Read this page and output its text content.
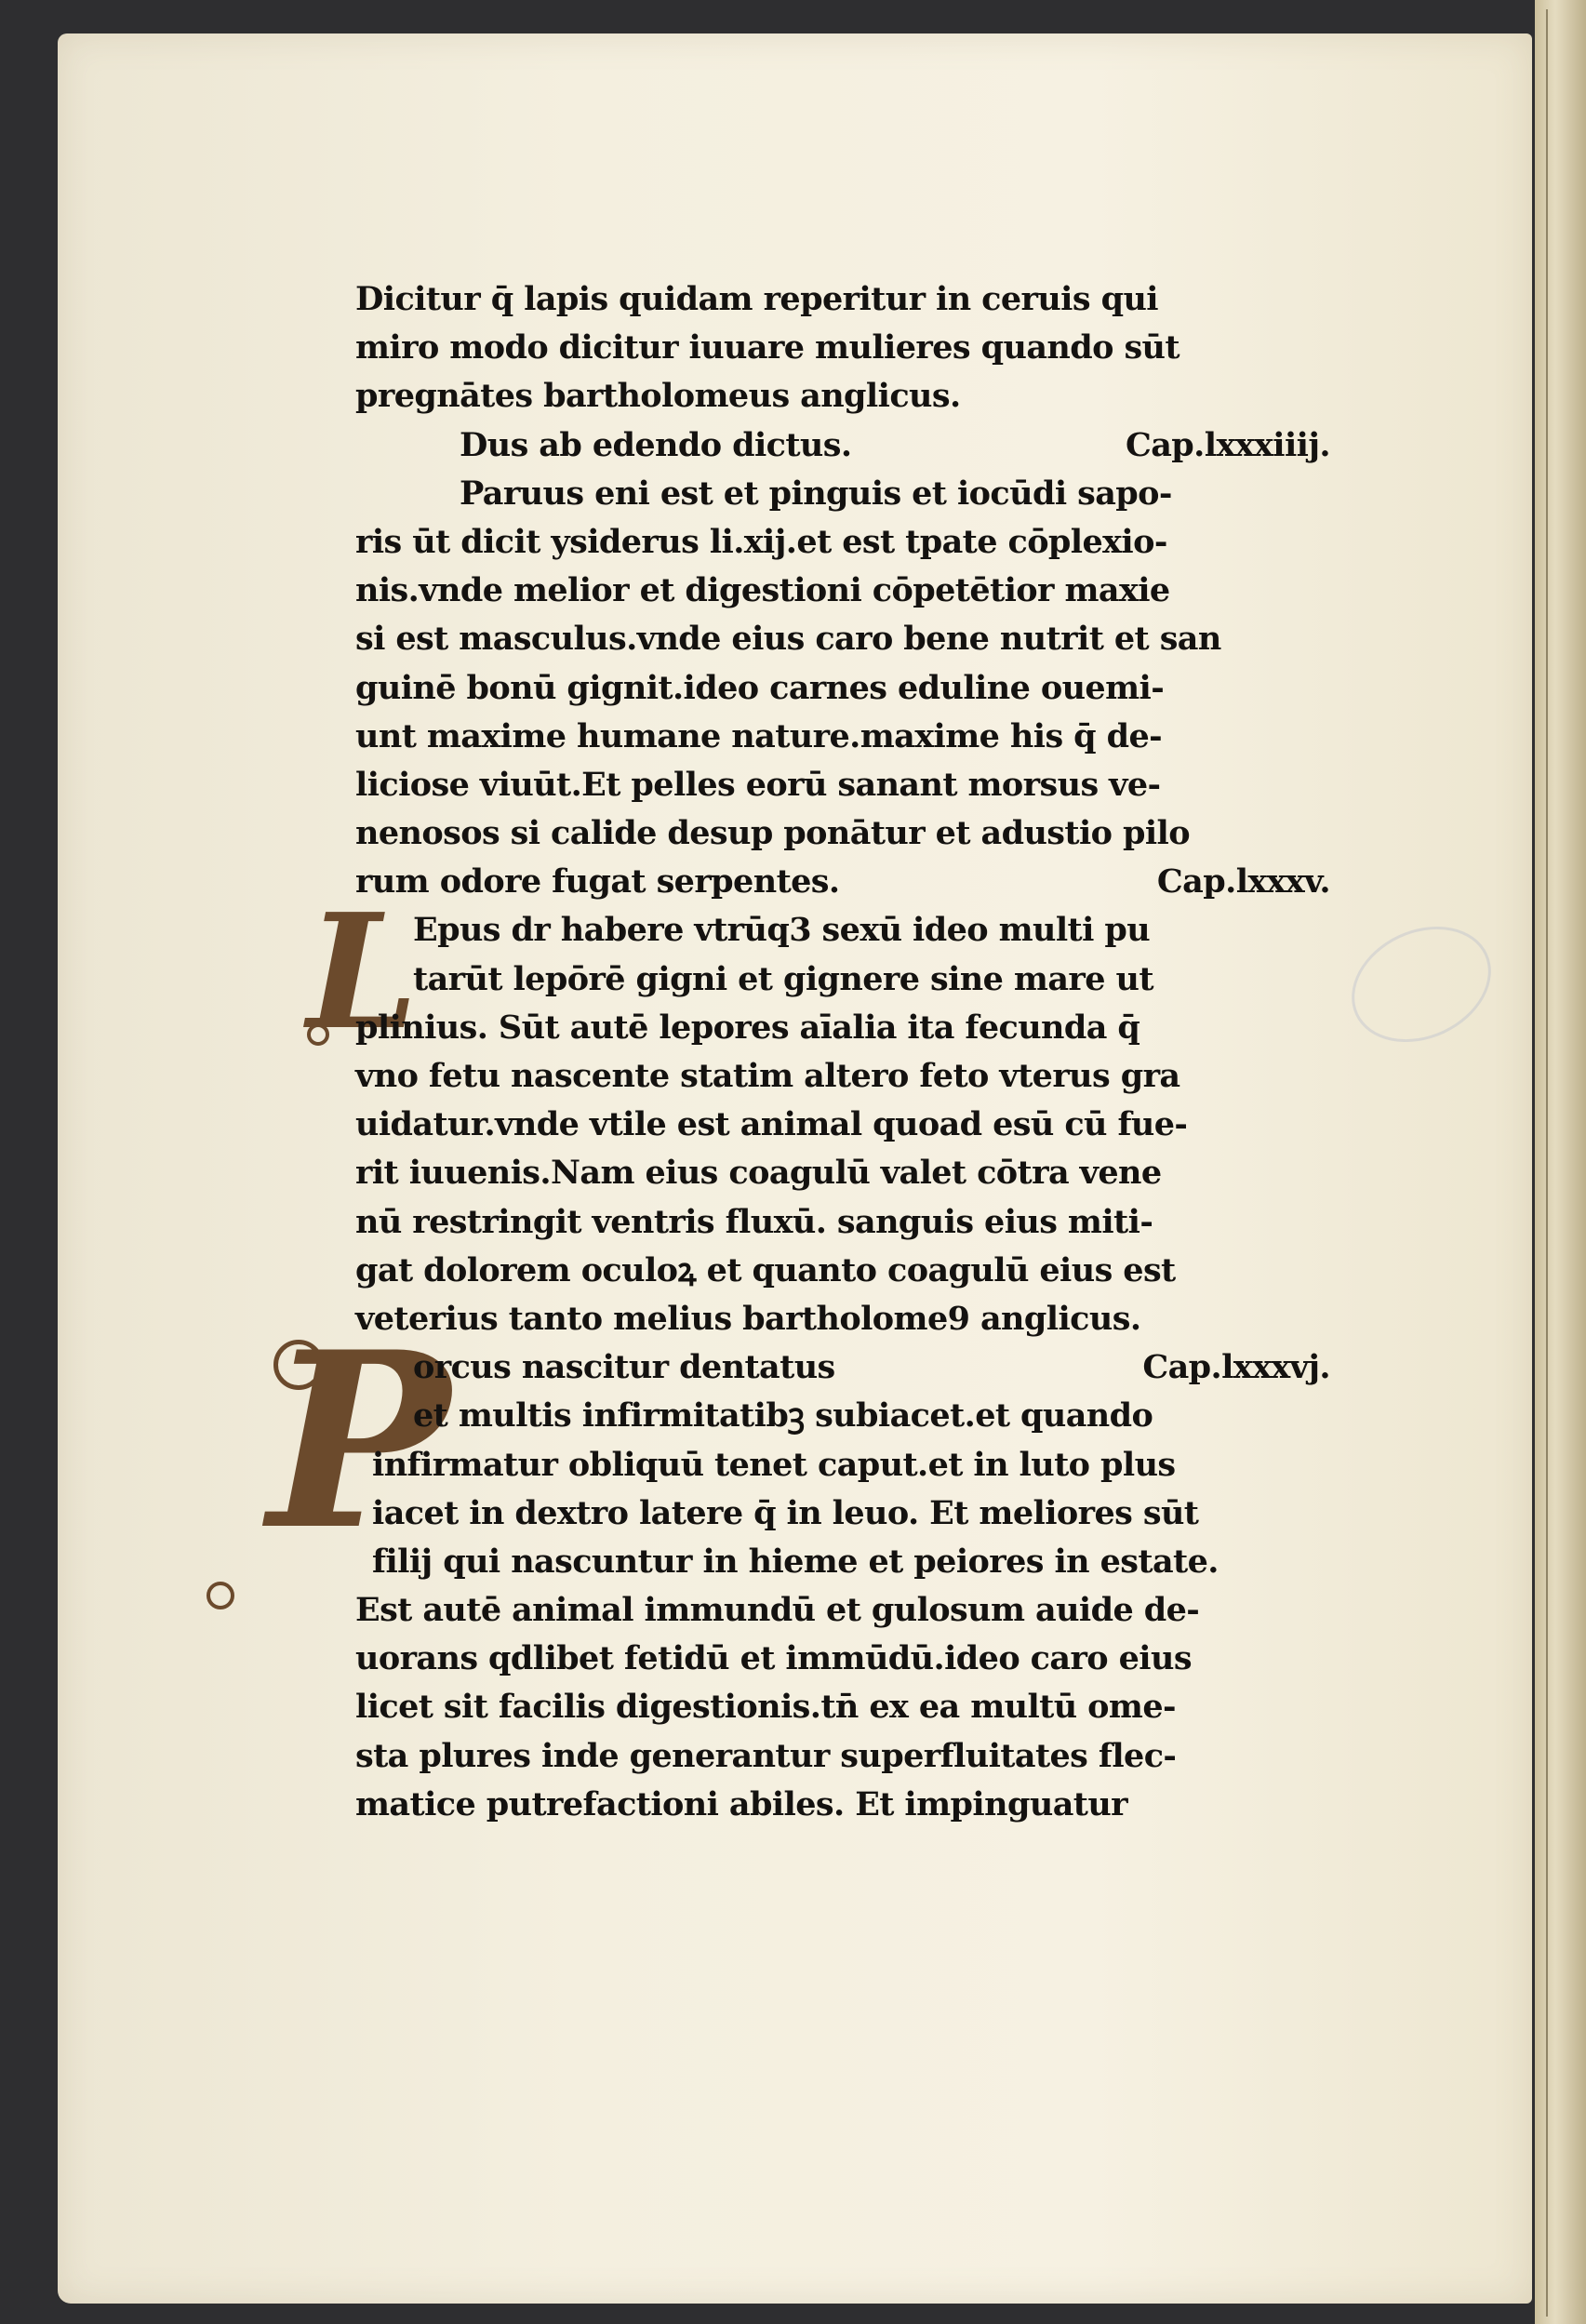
L
P
Dicitur q̄ lapis quidam reperitur in ceruis qui
miro modo dicitur iuuare mulieres quando sūt
pregnātes bartholomeus anglicus.
Dus ab edendo dictus.	Cap.lxxxiiij.
Paruus eni est et pinguis et iocūdi sapo-
ris ūt dicit ysiderus li.xij.et est tpate cōplexio-
nis.vnde melior et digestioni cōpetētior maxie
si est masculus.vnde eius caro bene nutrit et san
guinē bonū gignit.ideo carnes eduline ouemi-
unt maxime humane nature.maxime his q̄ de-
liciose viuūt.Et pelles eorū sanant morsus ve-
nenosos si calide desup ponātur et adustio pilo
rum odore fugat serpentes.	Cap.lxxxv.
Epus dr habere vtrūq3 sexū ideo multi pu
tarūt lepōrē gigni et gignere sine mare ut
plinius. Sūt autē lepores aīalia ita fecunda q̄
vno fetu nascente statim altero feto vterus gra
uidatur.vnde vtile est animal quoad esū cū fue-
rit iuuenis.Nam eius coagulū valet cōtra vene
nū restringit ventris fluxū. sanguis eius miti-
gat dolorem oculoꝝ et quanto coagulū eius est
veterius tanto melius bartholome9 anglicus.
orcus nascitur dentatus	Cap.lxxxvj.
et multis infirmitatibꝫ subiacet.et quando
infirmatur obliquū tenet caput.et in luto plus
iacet in dextro latere q̄ in leuo. Et meliores sūt
filij qui nascuntur in hieme et peiores in estate.
Est autē animal immundū et gulosum auide de-
uorans qdlibet fetidū et immūdū.ideo caro eius
licet sit facilis digestionis.tn̄ ex ea multū ome-
sta plures inde generantur superfluitates flec-
matice putrefactioni abiles. Et impinguatur
